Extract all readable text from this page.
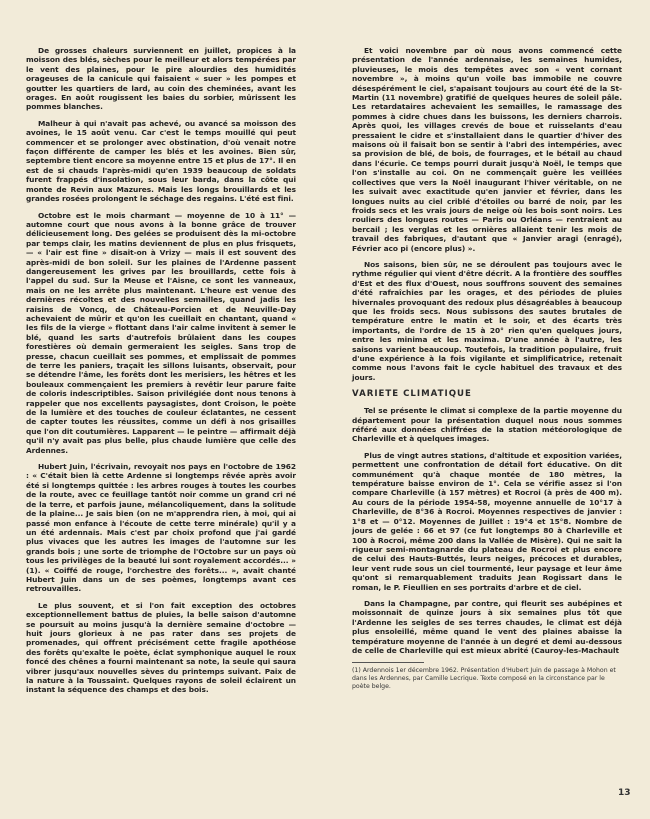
De grosses chaleurs surviennent en juillet, propices à la moisson des blés, sèches pour le meilleur et alors tempérées par le vent des plaines, pour le pire alourdies des humidités orageuses de la canicule qui faisaient « suer » les pompes et goutter les quartiers de lard, au coin des cheminées, avant les orages. En août rougissent les baies du sorbier, mûrissent les pommes blanches.

Malheur à qui n'avait pas achevé, ou avancé sa moisson des avoines, le 15 août venu. Car c'est le temps mouillé qui peut commencer et se prolonger avec obstination, d'où venait notre façon différente de camper les blés et les avoines. Bien sûr, septembre tient encore sa moyenne entre 15 et plus de 17°. Il en est de si chauds l'après-midi qu'en 1939 beaucoup de soldats furent frappés d'insolation, sous leur barda, dans la côte qui monte de Revin aux Mazures. Mais les longs brouillards et les grandes rosées prolongent le séchage des regains. L'été est fini.

Octobre est le mois charmant — moyenne de 10 à 11° — automne court que nous avons à la bonne grâce de trouver délicieusement long. Des gelées se produisent dès la mi-octobre par temps clair, les matins deviennent de plus en plus frisquets, — « l'air est fine » disait-on à Vrizy — mais il est souvent des après-midi de bon soleil. Sur les plaines de l'Ardenne passent dangereusement les grives par les brouillards, cette fois à l'appel du sud. Sur la Meuse et l'Aisne, ce sont les vanneaux, mais on ne les arrête plus maintenant. L'heure est venue des dernières récoltes et des nouvelles semailles, quand jadis les raisins de Voncq, de Château-Porcien et de Neuville-Day achevaient de mûrir et qu'on les cueillait en chantant, quand « les fils de la vierge » flottant dans l'air calme invitent à semer le blé, quand les sarts d'autrefois brûlaient dans les coupes forestières où demain germeraient les seigles. Sans trop de presse, chacun cueillait ses pommes, et emplissait de pommes de terre les paniers, traçait les sillons luisants, observait, pour se détendre l'âme, les forêts dont les merisiers, les hêtres et les bouleaux commençaient les premiers à revêtir leur parure faite de coloris indescriptibles. Saison privilégiée dont nous tenons à rappeler que nos excellents paysagistes, dont Croison, le poète de la lumière et des touches de couleur éclatantes, ne cessent de capter toutes les réussites, comme un défi à nos grisailles que l'on dit coutumières. Lapparent — le peintre — affirmait déjà qu'il n'y avait pas plus belle, plus chaude lumière que celle des Ardennes.

Hubert Juin, l'écrivain, revoyait nos pays en l'octobre de 1962 : « C'était bien là cette Ardenne si longtemps rêvée après avoir été si longtemps quittée : les arbres rouges à toutes les courbes de la route, avec ce feuillage tantôt noir comme un grand cri né de la terre, et parfois jaune, mélancoliquement, dans la solitude de la plaine... Je sais bien (on ne m'apprendra rien, à moi, qui ai passé mon enfance à l'écoute de cette terre minérale) qu'il y a un été ardennais. Mais c'est par choix profond que j'ai gardé plus vivaces que les autres les images de l'automne sur les grands bois ; une sorte de triomphe de l'Octobre sur un pays où tous les privilèges de la beauté lui sont royalement accordés... » (1). « Coiffé de rouge, l'orchestre des forêts... », avait chanté Hubert Juin dans un de ses poèmes, longtemps avant ces retrouvailles.

Le plus souvent, et si l'on fait exception des octobres exceptionnellement battus de pluies, la belle saison d'automne se poursuit au moins jusqu'à la dernière semaine d'octobre — huit jours glorieux à ne pas rater dans ses projets de promenades, qui offrent précisément cette fragile apothéose des forêts qu'exalte le poète, éclat symphonique auquel le roux foncé des chênes a fourni maintenant sa note, la seule qui saura vibrer jusqu'aux nouvelles sèves du printemps suivant. Paix de la nature à la Toussaint. Quelques rayons de soleil éclairent un instant la séquence des champs et des bois.

Et voici novembre par où nous avons commencé cette présentation de l'année ardennaise, les semaines humides, pluvieuses, le mois des tempêtes avec son « vent cornant novembre », à moins qu'un voile bas immobile ne couvre désespérément le ciel, s'apaisant toujours au court été de la St-Martin (11 novembre) gratifié de quelques heures de soleil pâle. Les retardataires achevaient les semailles, le ramassage des pommes à cidre chues dans les buissons, les derniers charrois. Après quoi, les villages crevés de boue et ruisselants d'eau pressaient le cidre et s'installaient dans le quartier d'hiver des maisons où il faisait bon se sentir à l'abri des intempéries, avec sa provision de blé, de bois, de fourrages, et le bétail au chaud dans l'écurie. Ce temps pourri durait jusqu'à Noël, le temps que l'on s'installe au coi. On ne commençait guère les veillées collectives que vers la Noël inaugurant l'hiver véritable, on ne les suivait avec exactitude qu'en janvier et février, dans les longues nuits au ciel criblé d'étoiles ou barré de noir, par les froids secs et les vrais jours de neige où les bois sont noirs. Les rouliers des longues routes — Paris ou Orléans — rentraient au bercail ; les verglas et les ornières allaient tenir les mois de travail des fabriques, d'autant que « Janvier aragi (enragé), Février aco pi (encore plus) ».

Nos saisons, bien sûr, ne se déroulent pas toujours avec le rythme régulier qui vient d'être décrit. A la frontière des souffles d'Est et des flux d'Ouest, nous souffrons souvent des semaines d'été rafraîchies par les orages, et des périodes de pluies hivernales provoquant des redoux plus désagréables à beaucoup que les froids secs. Nous subissons des sautes brutales de température entre le matin et le soir, et des écarts très importants, de l'ordre de 15 à 20° rien qu'en quelques jours, entre les minima et les maxima. D'une année à l'autre, les saisons varient beaucoup. Toutefois, la tradition populaire, fruit d'une expérience à la fois vigilante et simplificatrice, retenait comme nous l'avons fait le cycle habituel des travaux et des jours.

VARIETE CLIMATIQUE

Tel se présente le climat si complexe de la partie moyenne du département pour la présentation duquel nous nous sommes référé aux données chiffrées de la station météorologique de Charleville et à quelques images.

Plus de vingt autres stations, d'altitude et exposition variées, permettent une confrontation de détail fort éducative. On dit communément qu'à chaque montée de 180 mètres, la température baisse environ de 1°. Cela se vérifie assez si l'on compare Charleville (à 157 mètres) et Rocroi (à près de 400 m). Au cours de la période 1954-58, moyenne annuelle de 10°17 à Charleville, de 8°36 à Rocroi. Moyennes respectives de janvier : 1°8 et — 0°12. Moyennes de Juillet : 19°4 et 15°8. Nombre de jours de gelée : 66 et 97 (ce fut longtemps 80 à Charleville et 100 à Rocroi, même 200 dans la Vallée de Misère). Qui ne sait la rigueur semi-montagnarde du plateau de Rocroi et plus encore de celui des Hauts-Buttés, leurs neiges, précoces et durables, leur vent rude sous un ciel tourmenté, leur paysage et leur âme qu'ont si remarquablement traduits Jean Rogissart dans le roman, le P. Fieullien en ses portraits d'arbre et de ciel.

Dans la Champagne, par contre, qui fleurit ses aubépines et moissonnait de quinze jours à six semaines plus tôt que l'Ardenne les seigles de ses terres chaudes, le climat est déjà plus ensoleillé, même quand le vent des plaines abaisse la température moyenne de l'année à un degré et demi au-dessous de celle de Charleville qui est mieux abrité (Cauroy-les-Machault

(1) Ardennois 1er décembre 1962. Présentation d'Hubert Juin de passage à Mohon et dans les Ardennes, par Camille Lecrique. Texte composé en la circonstance par le poète belge.

13
